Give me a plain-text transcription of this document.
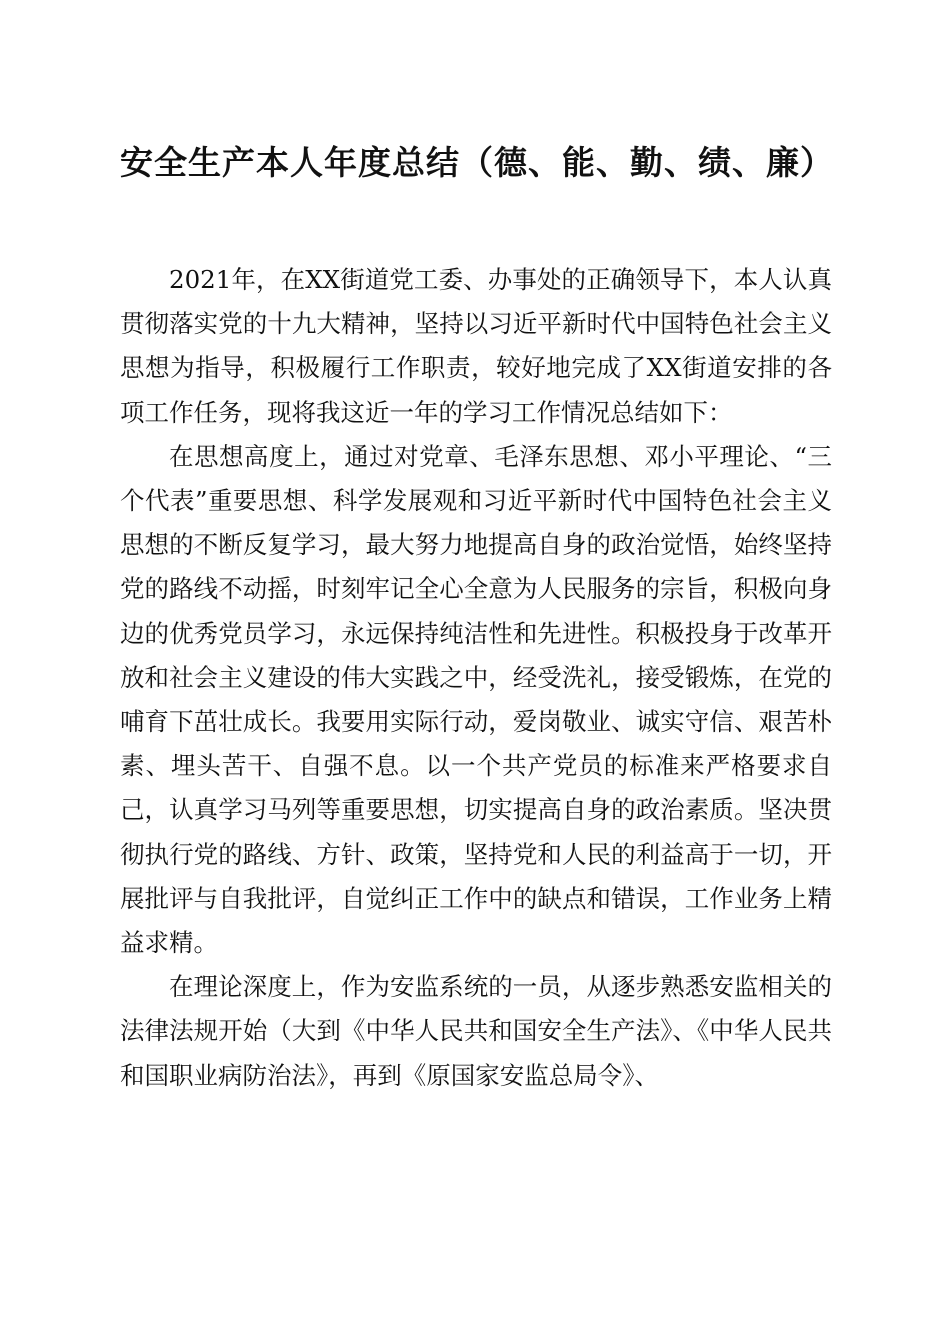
安全生产本人年度总结（德、能、勤、绩、廉）

2021年，在XX街道党工委、办事处的正确领导下，本人认真贯彻落实党的十九大精神，坚持以习近平新时代中国特色社会主义思想为指导，积极履行工作职责，较好地完成了XX街道安排的各项工作任务，现将我这近一年的学习工作情况总结如下：

在思想高度上，通过对党章、毛泽东思想、邓小平理论、“三个代表”重要思想、科学发展观和习近平新时代中国特色社会主义思想的不断反复学习，最大努力地提高自身的政治觉悟，始终坚持党的路线不动摇，时刻牢记全心全意为人民服务的宗旨，积极向身边的优秀党员学习，永远保持纯洁性和先进性。积极投身于改革开放和社会主义建设的伟大实践之中，经受洗礼，接受锻炼，在党的哺育下茁壮成长。我要用实际行动，爱岗敬业、诚实守信、艰苦朴素、埋头苦干、自强不息。以一个共产党员的标准来严格要求自己，认真学习马列等重要思想，切实提高自身的政治素质。坚决贯彻执行党的路线、方针、政策，坚持党和人民的利益高于一切，开展批评与自我批评，自觉纠正工作中的缺点和错误，工作业务上精益求精。

在理论深度上，作为安监系统的一员，从逐步熟悉安监相关的法律法规开始（大到《中华人民共和国安全生产法》、《中华人民共和国职业病防治法》，再到《原国家安监总局令》、
